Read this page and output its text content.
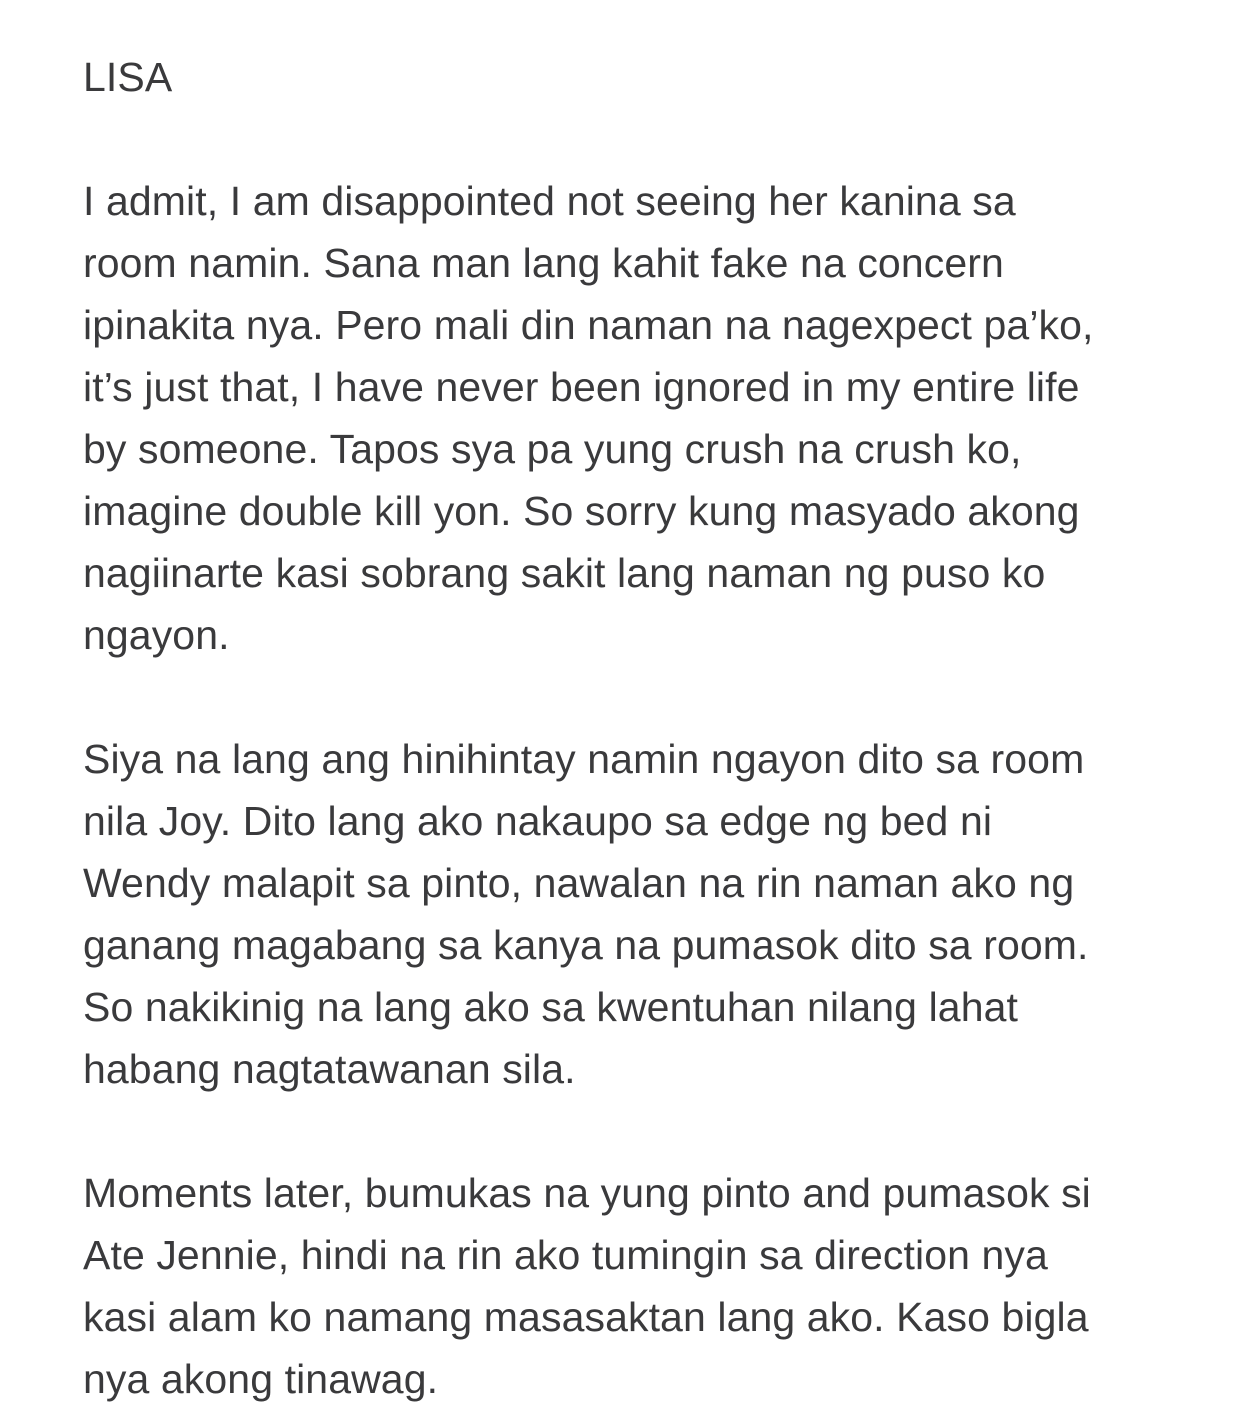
LISA
I admit, I am disappointed not seeing her kanina sa
room namin. Sana man lang kahit fake na concern
ipinakita nya. Pero mali din naman na nagexpect pa’ko,
it’s just that, I have never been ignored in my entire life
by someone. Tapos sya pa yung crush na crush ko,
imagine double kill yon. So sorry kung masyado akong
nagiinarte kasi sobrang sakit lang naman ng puso ko
ngayon.
Siya na lang ang hinihintay namin ngayon dito sa room
nila Joy. Dito lang ako nakaupo sa edge ng bed ni
Wendy malapit sa pinto, nawalan na rin naman ako ng
ganang magabang sa kanya na pumasok dito sa room.
So nakikinig na lang ako sa kwentuhan nilang lahat
habang nagtatawanan sila.
Moments later, bumukas na yung pinto and pumasok si
Ate Jennie, hindi na rin ako tumingin sa direction nya
kasi alam ko namang masasaktan lang ako. Kaso bigla
nya akong tinawag.
